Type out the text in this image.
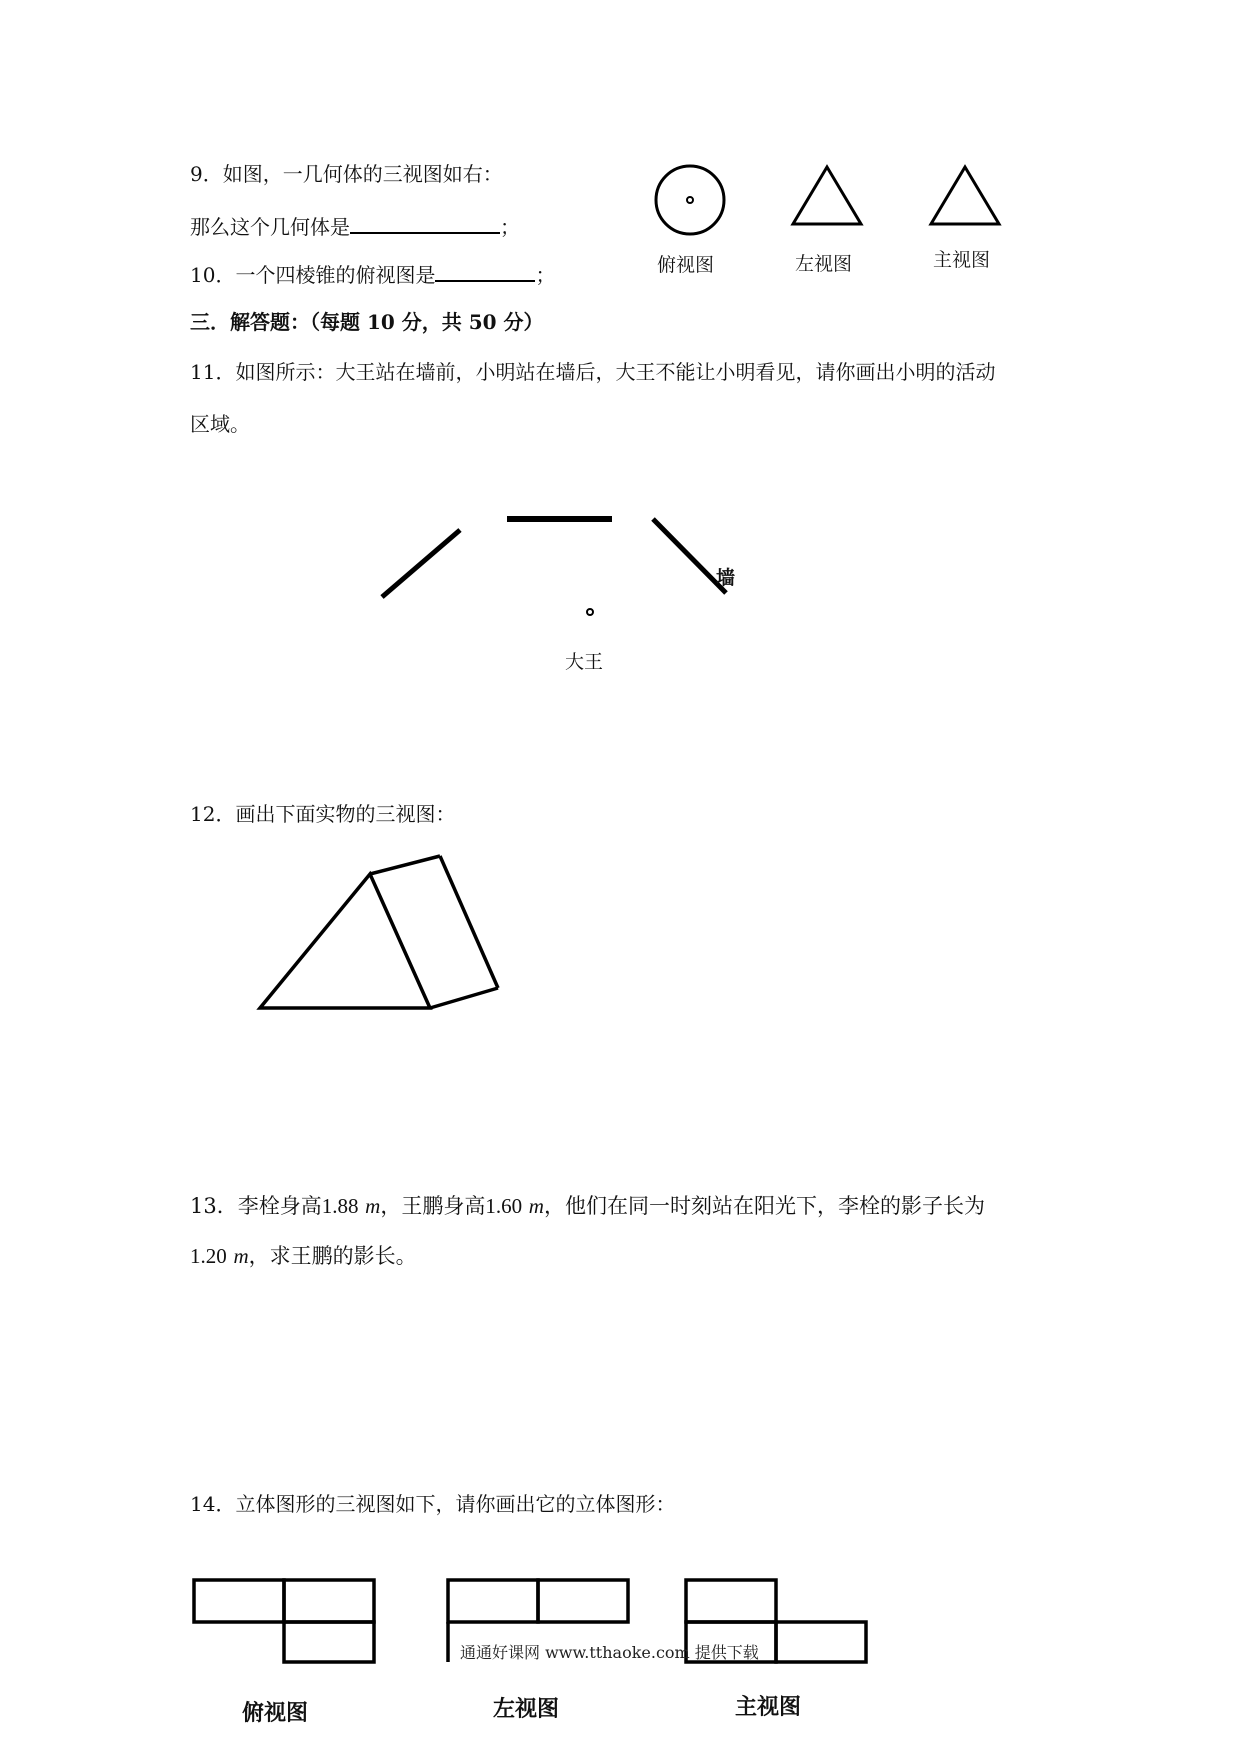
9．如图，一几何体的三视图如右：
那么这个几何体是	；
俯视图	左视图	主视图
10．一个四棱锥的俯视图是	；
三．解答题：（每题 10 分，共 50 分）
11．如图所示：大王站在墙前，小明站在墙后，大王不能让小明看见，请你画出小明的活动
区域。
墙
大王
12．画出下面实物的三视图：
13．李栓身高1.88 m，王鹏身高1.60 m，他们在同一时刻站在阳光下，李栓的影子长为
1.20 m，求王鹏的影长。
14．立体图形的三视图如下，请你画出它的立体图形：
通通好课网 www.tthaoke.com 提供下载
俯视图	左视图	主视图
